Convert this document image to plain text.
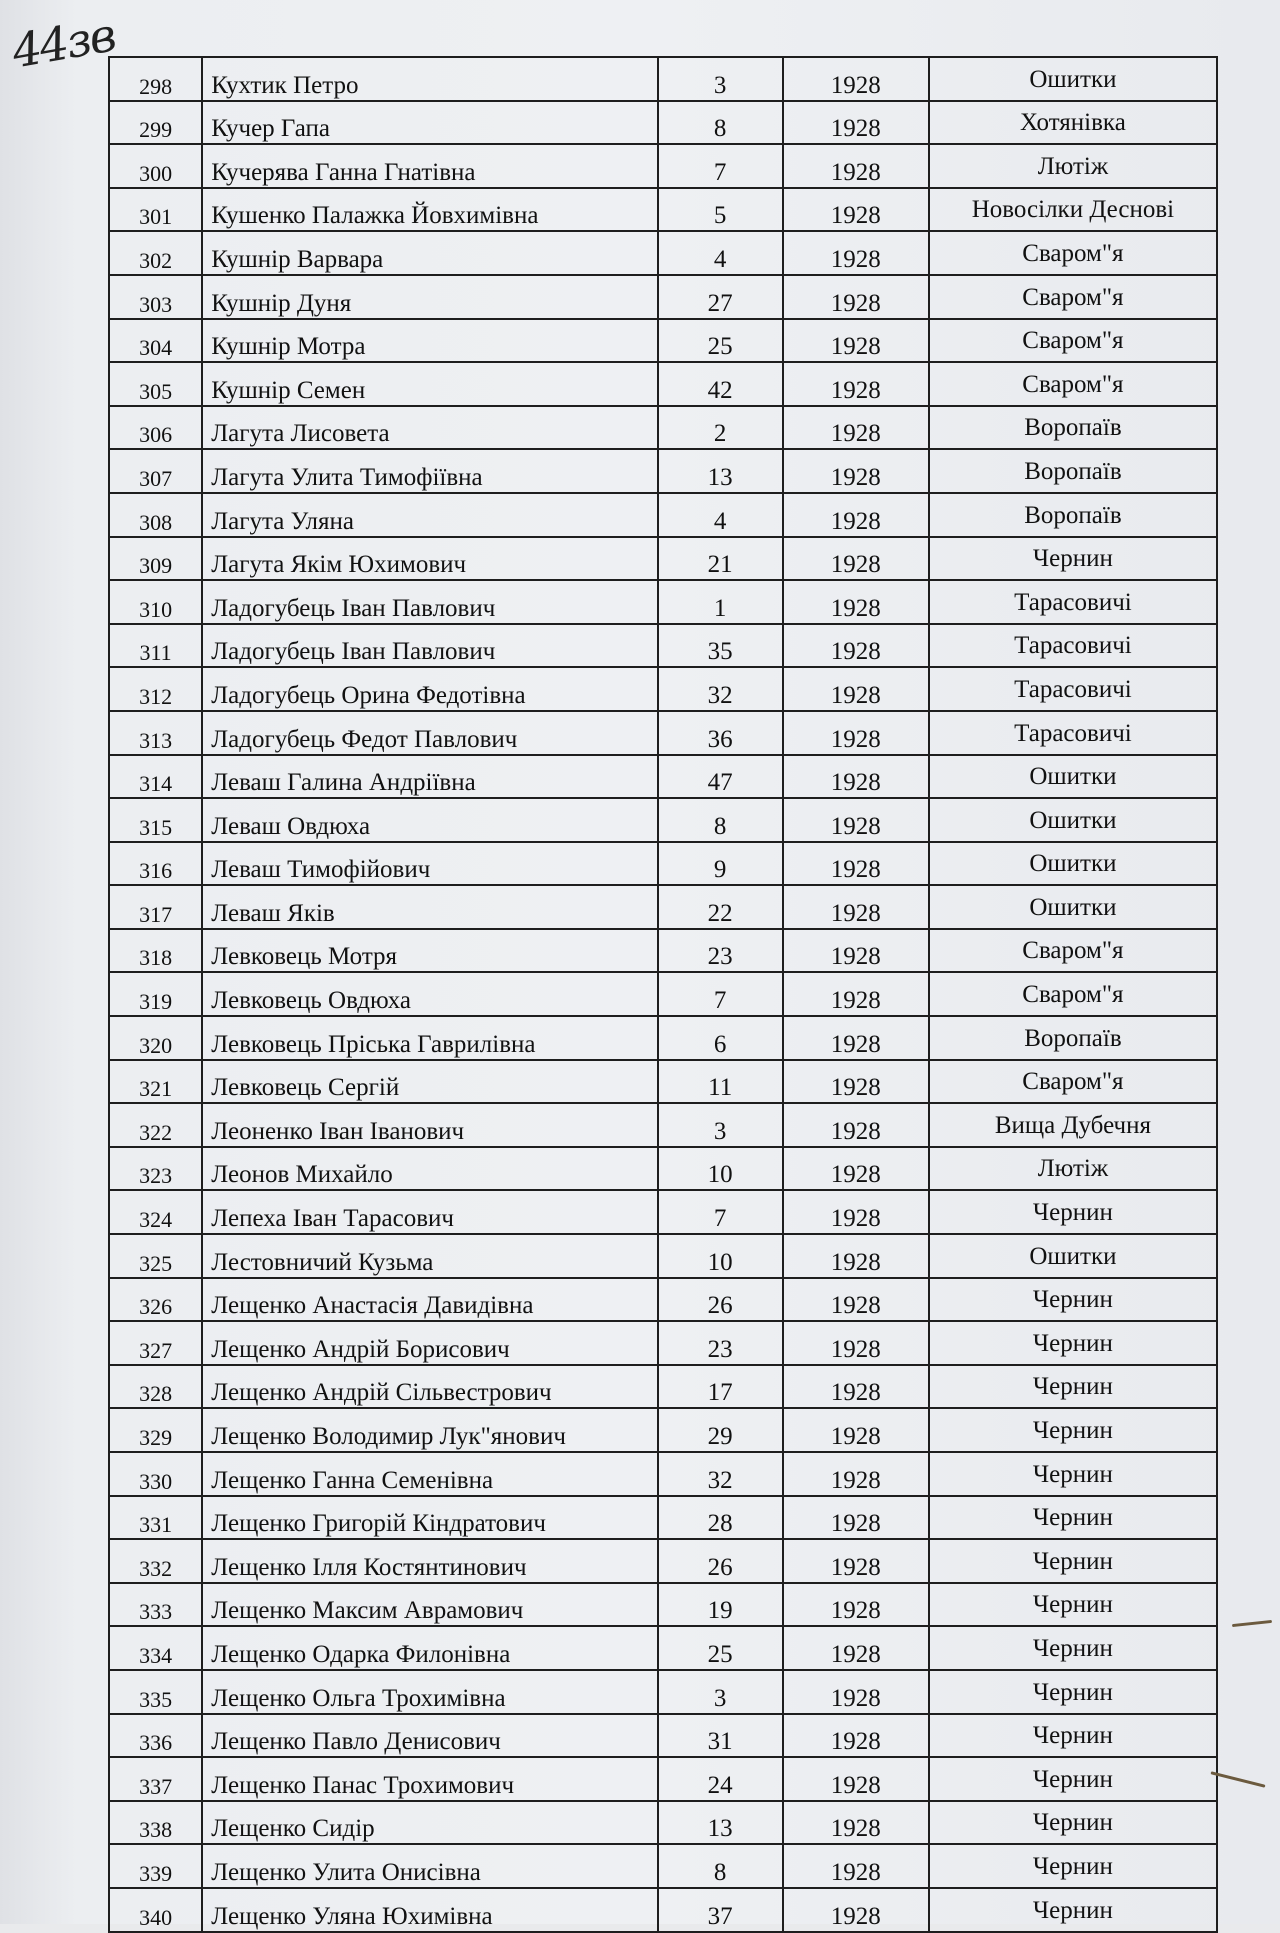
44зв
298	Кухтик Петро	3	1928	Ошитки
299	Кучер Гапа	8	1928	Хотянівка
300	Кучерява Ганна Гнатівна	7	1928	Лютіж
301	Кушенко Палажка Йовхимівна	5	1928	Новосілки Деснові
302	Кушнір Варвара	4	1928	Сваром"я
303	Кушнір Дуня	27	1928	Сваром"я
304	Кушнір Мотра	25	1928	Сваром"я
305	Кушнір Семен	42	1928	Сваром"я
306	Лагута Лисовета	2	1928	Воропаїв
307	Лагута Улита Тимофіївна	13	1928	Воропаїв
308	Лагута Уляна	4	1928	Воропаїв
309	Лагута Якім Юхимович	21	1928	Чернин
310	Ладогубець Іван Павлович	1	1928	Тарасовичі
311	Ладогубець Іван Павлович	35	1928	Тарасовичі
312	Ладогубець Орина Федотівна	32	1928	Тарасовичі
313	Ладогубець Федот Павлович	36	1928	Тарасовичі
314	Леваш Галина Андріївна	47	1928	Ошитки
315	Леваш Овдюха	8	1928	Ошитки
316	Леваш Тимофійович	9	1928	Ошитки
317	Леваш Яків	22	1928	Ошитки
318	Левковець Мотря	23	1928	Сваром"я
319	Левковець Овдюха	7	1928	Сваром"я
320	Левковець Пріська Гаврилівна	6	1928	Воропаїв
321	Левковець Сергій	11	1928	Сваром"я
322	Леоненко Іван Іванович	3	1928	Вища Дубечня
323	Леонов Михайло	10	1928	Лютіж
324	Лепеха Іван Тарасович	7	1928	Чернин
325	Лестовничий Кузьма	10	1928	Ошитки
326	Лещенко Анастасія Давидівна	26	1928	Чернин
327	Лещенко Андрій Борисович	23	1928	Чернин
328	Лещенко Андрій Сільвестрович	17	1928	Чернин
329	Лещенко Володимир Лук"янович	29	1928	Чернин
330	Лещенко Ганна Семенівна	32	1928	Чернин
331	Лещенко Григорій Кіндратович	28	1928	Чернин
332	Лещенко Ілля Костянтинович	26	1928	Чернин
333	Лещенко Максим Аврамович	19	1928	Чернин
334	Лещенко Одарка Филонівна	25	1928	Чернин
335	Лещенко Ольга Трохимівна	3	1928	Чернин
336	Лещенко Павло Денисович	31	1928	Чернин
337	Лещенко Панас Трохимович	24	1928	Чернин
338	Лещенко Сидір	13	1928	Чернин
339	Лещенко Улита Онисівна	8	1928	Чернин
340	Лещенко Уляна Юхимівна	37	1928	Чернин
